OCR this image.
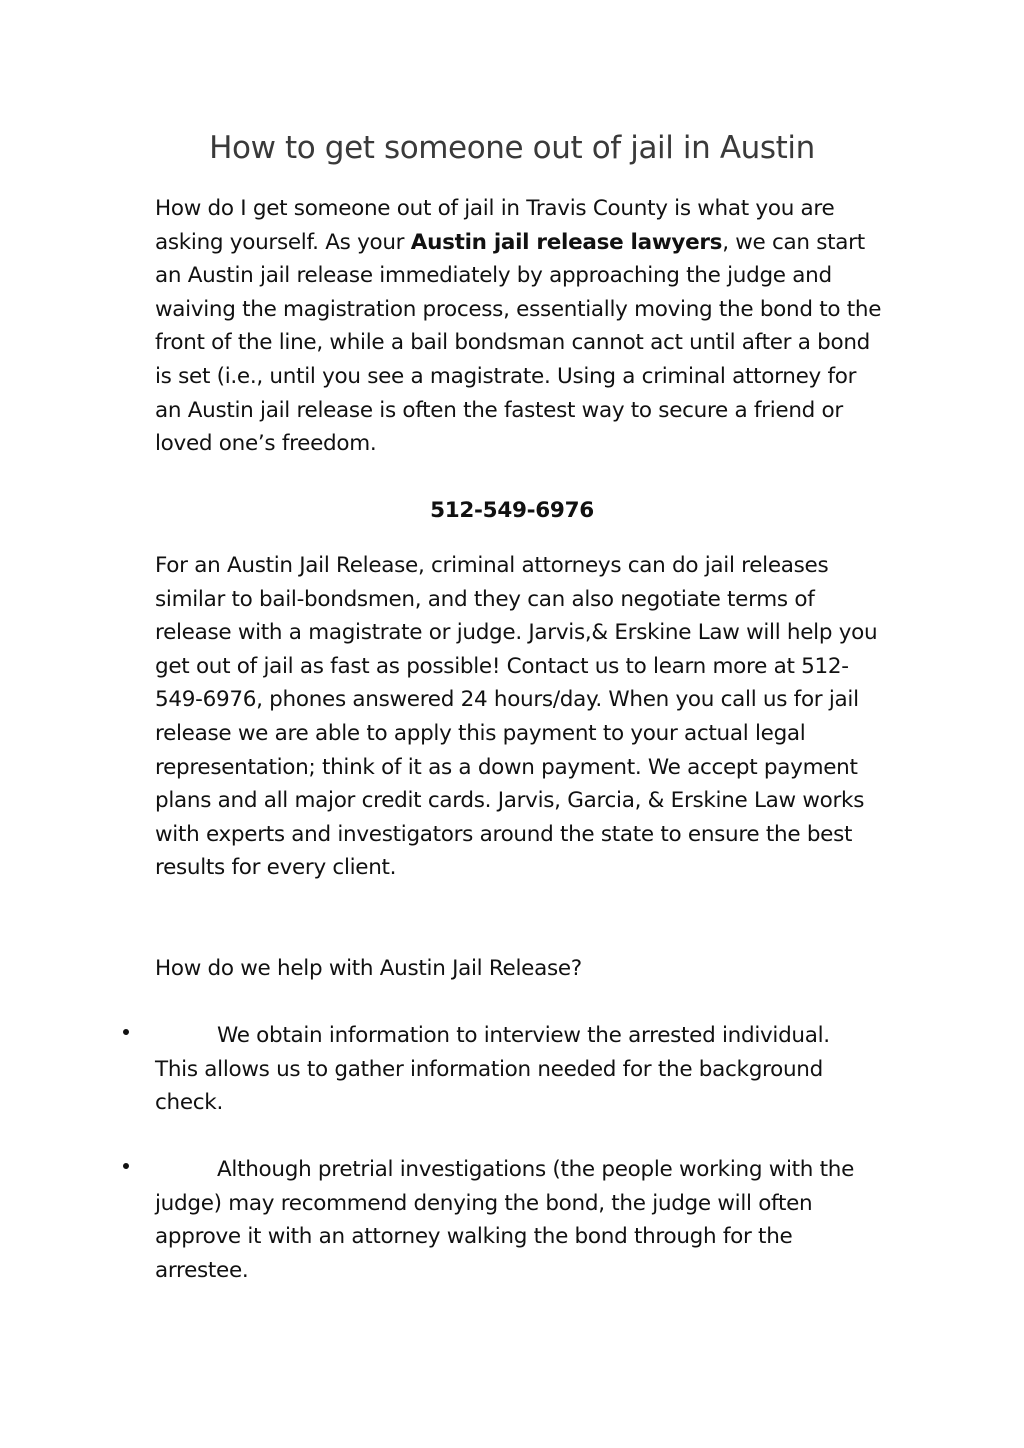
How to get someone out of jail in Austin

How do I get someone out of jail in Travis County is what you are asking yourself. As your Austin jail release lawyers, we can start an Austin jail release immediately by approaching the judge and waiving the magistration process, essentially moving the bond to the front of the line, while a bail bondsman cannot act until after a bond is set (i.e., until you see a magistrate. Using a criminal attorney for an Austin jail release is often the fastest way to secure a friend or loved one’s freedom.

512-549-6976

For an Austin Jail Release, criminal attorneys can do jail releases similar to bail-bondsmen, and they can also negotiate terms of release with a magistrate or judge. Jarvis,& Erskine Law will help you get out of jail as fast as possible! Contact us to learn more at 512-549-6976, phones answered 24 hours/day. When you call us for jail release we are able to apply this payment to your actual legal representation; think of it as a down payment. We accept payment plans and all major credit cards. Jarvis, Garcia, & Erskine Law works with experts and investigators around the state to ensure the best results for every client.

How do we help with Austin Jail Release?

We obtain information to interview the arrested individual. This allows us to gather information needed for the background check.

Although pretrial investigations (the people working with the judge) may recommend denying the bond, the judge will often approve it with an attorney walking the bond through for the arrestee.
